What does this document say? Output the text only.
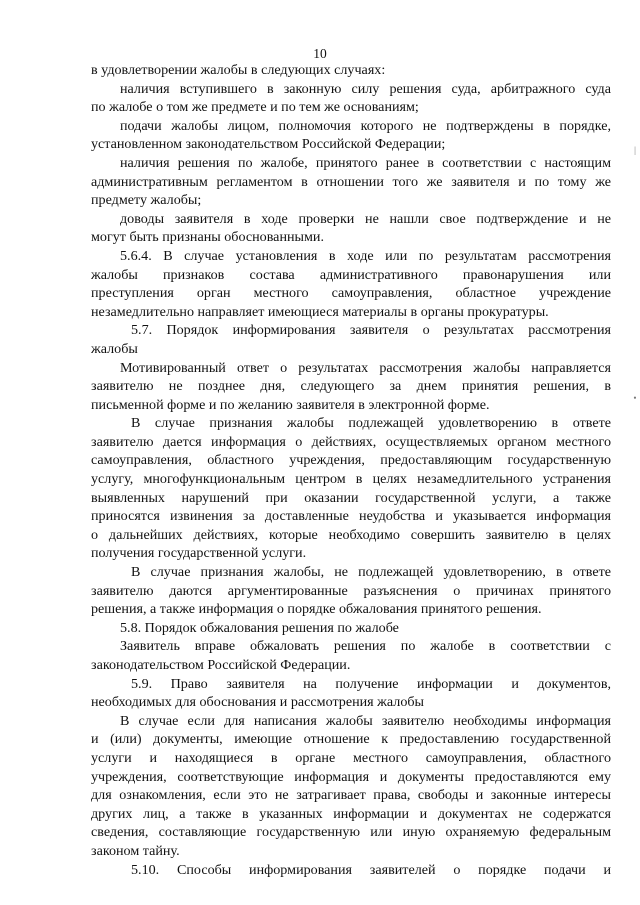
10
в удовлетворении жалобы в следующих случаях:
наличия вступившего в законную силу решения суда, арбитражного суда
по жалобе о том же предмете и по тем же основаниям;
подачи жалобы лицом, полномочия которого не подтверждены в порядке,
установленном законодательством Российской Федерации;
наличия решения по жалобе, принятого ранее в соответствии с настоящим
административным регламентом в отношении того же заявителя и по тому же
предмету жалобы;
доводы заявителя в ходе проверки не нашли свое подтверждение и не
могут быть признаны обоснованными.
5.6.4. В случае установления в ходе или по результатам рассмотрения
жалобы признаков состава административного правонарушения или
преступления орган местного самоуправления, областное учреждение
незамедлительно направляет имеющиеся материалы в органы прокуратуры.
5.7. Порядок информирования заявителя о результатах рассмотрения
жалобы
Мотивированный ответ о результатах рассмотрения жалобы направляется
заявителю не позднее дня, следующего за днем принятия решения, в
письменной форме и по желанию заявителя в электронной форме.
В случае признания жалобы подлежащей удовлетворению в ответе
заявителю дается информация о действиях, осуществляемых органом местного
самоуправления, областного учреждения, предоставляющим государственную
услугу, многофункциональным центром в целях незамедлительного устранения
выявленных нарушений при оказании государственной услуги, а также
приносятся извинения за доставленные неудобства и указывается информация
о дальнейших действиях, которые необходимо совершить заявителю в целях
получения государственной услуги.
В случае признания жалобы, не подлежащей удовлетворению, в ответе
заявителю даются аргументированные разъяснения о причинах принятого
решения, а также информация о порядке обжалования принятого решения.
5.8. Порядок обжалования решения по жалобе
Заявитель вправе обжаловать решения по жалобе в соответствии с
законодательством Российской Федерации.
5.9. Право заявителя на получение информации и документов,
необходимых для обоснования и рассмотрения жалобы
В случае если для написания жалобы заявителю необходимы информация
и (или) документы, имеющие отношение к предоставлению государственной
услуги и находящиеся в органе местного самоуправления, областного
учреждения, соответствующие информация и документы предоставляются ему
для ознакомления, если это не затрагивает права, свободы и законные интересы
других лиц, а также в указанных информации и документах не содержатся
сведения, составляющие государственную или иную охраняемую федеральным
законом тайну.
5.10. Способы информирования заявителей о порядке подачи и
|
•
